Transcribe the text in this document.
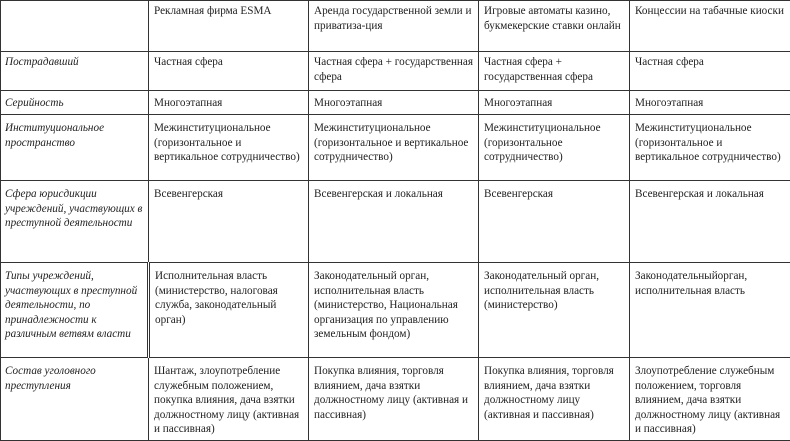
	Рекламная фирма ESMA	Аренда государственной земли и приватиза-ция	Игровые автоматы казино, букмекерские ставки онлайн	Концессии на табачные киоски
Пострадавший	Частная сфера	Частная сфера + государственная сфера	Частная сфера + государственная сфера	Частная сфера
Серийность	Многоэтапная	Многоэтапная	Многоэтапная	Многоэтапная
Институциональное пространство	Межинституциональное (горизонтальное и вертикальное сотрудничество)	Межинституциональное (горизонтальное и вертикальное сотрудничество)	Межинституциональное (горизонтальное сотрудничество)	Межинституциональное (горизонтальное и вертикальное сотрудничество)
Сфера юрисдикции учреждений, участвующих в преступной деятельности	Всевенгерская	Всевенгерская и локальная	Всевенгерская	Всевенгерская и локальная
Типы учреждений, участвующих в преступной деятельности, по принадлежности к различным ветвям власти	Исполнительная власть (министерство, налоговая служба, законодательный орган)	Законодательный орган, исполнительная власть (министерство, Национальная организация по управлению земельным фондом)	Законодательный орган, исполнительная власть (министерство)	Законодательныйорган, исполнительная власть
Состав уголовного преступления	Шантаж, злоупотребление служебным положением, покупка влияния, дача взятки должностному лицу (активная и пассивная)	Покупка влияния, торговля влиянием, дача взятки должностному лицу (активная и пассивная)	Покупка влияния, торговля влиянием, дача взятки должностному лицу (активная и пассивная)	Злоупотребление служебным положением, торговля влиянием, дача взятки должностному лицу (активная и пассивная)
